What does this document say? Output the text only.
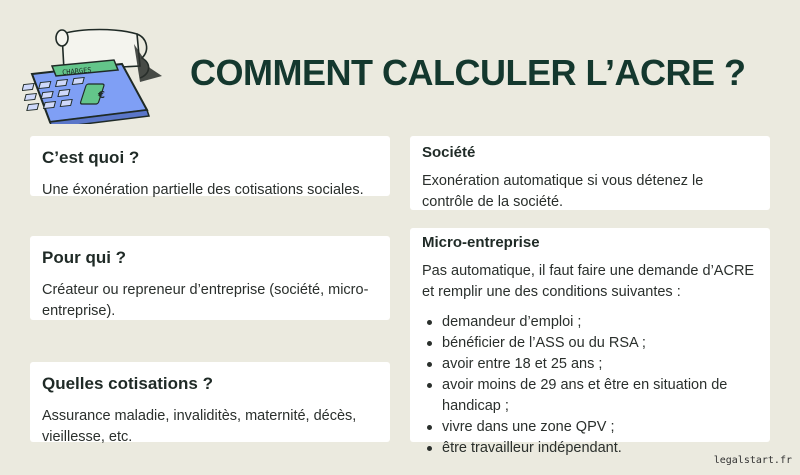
CHARGES
€
COMMENT CALCULER L’ACRE ?
C’est quoi ?

Une éxonération partielle des cotisations sociales.

Pour qui ?

Créateur ou repreneur d’entreprise (société, micro-entreprise).

Quelles cotisations ?

Assurance maladie, invaliditès, maternité, décès, vieillesse, etc.

Société

Exonération automatique si vous détenez le contrôle de la société.

Micro-entreprise

Pas automatique, il faut faire une demande d’ACRE et remplir une des conditions suivantes :

demandeur d’emploi ;
bénéficier de l’ASS ou du RSA ;
avoir entre 18 et 25 ans ;
avoir moins de 29 ans et être en situation de handicap ;
vivre dans une zone QPV ;
être travailleur indépendant.
legalstart.fr
